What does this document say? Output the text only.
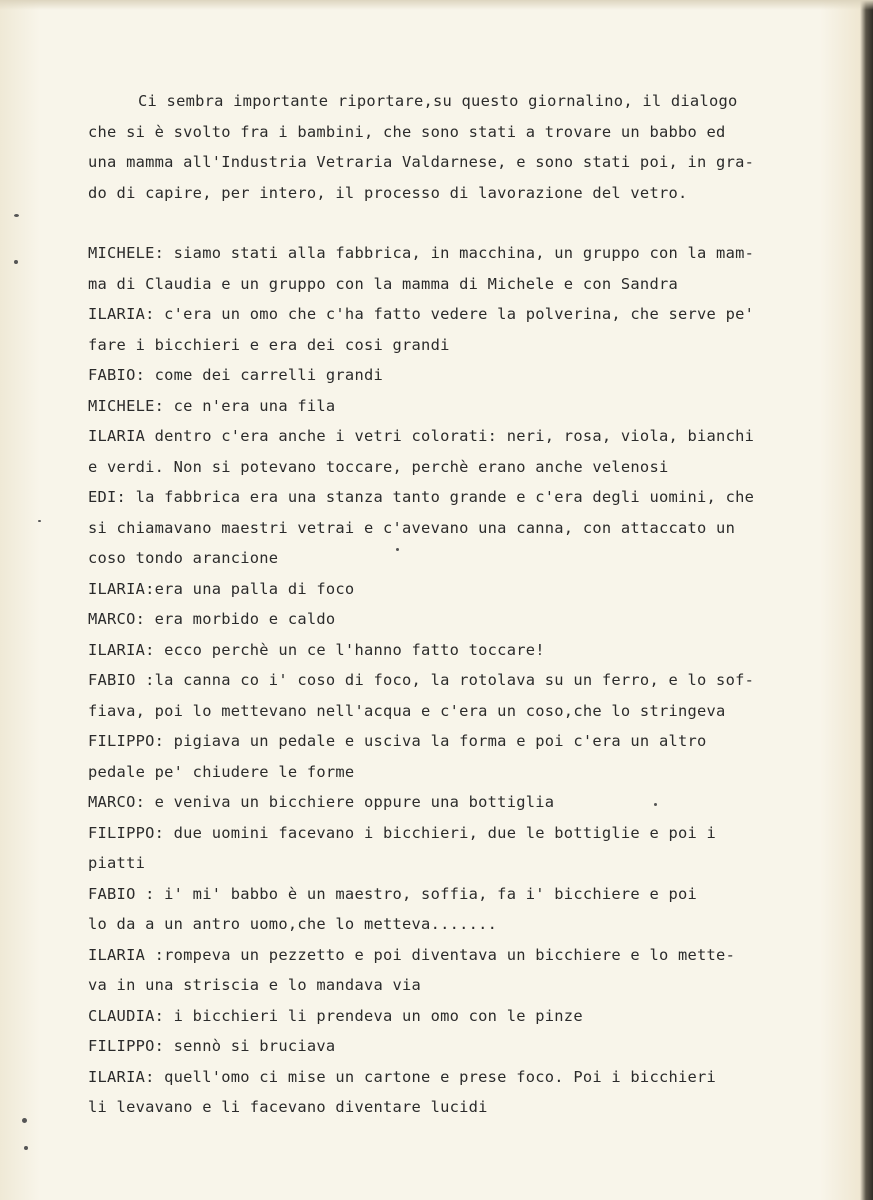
Ci sembra importante riportare,su questo giornalino, il dialogo

che si è svolto fra i bambini, che sono stati a trovare un babbo ed

una mamma all'Industria Vetraria Valdarnese, e sono stati poi, in gra-

do di capire, per intero, il processo di lavorazione del vetro.

MICHELE: siamo stati alla fabbrica, in macchina, un gruppo con la mam-

ma di Claudia e un gruppo con la mamma di Michele e con Sandra

ILARIA: c'era un omo che c'ha fatto vedere la polverina, che serve pe'

fare i bicchieri e era dei cosi grandi

FABIO: come dei carrelli grandi

MICHELE: ce n'era una fila

ILARIA dentro c'era anche i vetri colorati: neri, rosa, viola, bianchi

e verdi. Non si potevano toccare, perchè erano anche velenosi

EDI: la fabbrica era una stanza tanto grande e c'era degli uomini, che

si chiamavano maestri vetrai e c'avevano una canna, con attaccato un

coso tondo arancione

ILARIA:era una palla di foco

MARCO: era morbido e caldo

ILARIA: ecco perchè un ce l'hanno fatto toccare!

FABIO :la canna co i' coso di foco, la rotolava su un ferro, e lo sof-

fiava, poi lo mettevano nell'acqua e c'era un coso,che lo stringeva

FILIPPO: pigiava un pedale e usciva la forma e poi c'era un altro

pedale pe' chiudere le forme

MARCO: e veniva un bicchiere oppure una bottiglia

FILIPPO: due uomini facevano i bicchieri, due le bottiglie e poi i

piatti

FABIO : i' mi' babbo è un maestro, soffia, fa i' bicchiere e poi

lo da a un antro uomo,che lo metteva.......

ILARIA :rompeva un pezzetto e poi diventava un bicchiere e lo mette-

va in una striscia e lo mandava via

CLAUDIA: i bicchieri li prendeva un omo con le pinze

FILIPPO: sennò si bruciava

ILARIA: quell'omo ci mise un cartone e prese foco. Poi i bicchieri

li levavano e li facevano diventare lucidi
